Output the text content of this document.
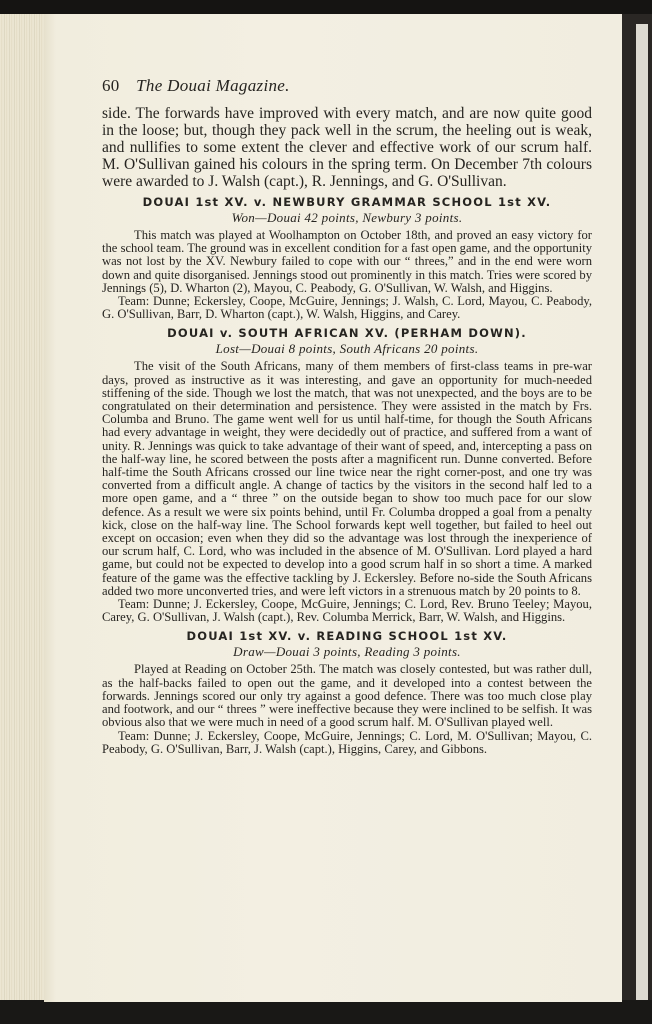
60 The Douai Magazine.

side. The forwards have improved with every match, and are now quite good in the loose; but, though they pack well in the scrum, the heeling out is weak, and nullifies to some extent the clever and effective work of our scrum half. M. O'Sullivan gained his colours in the spring term. On December 7th colours were awarded to J. Walsh (capt.), R. Jennings, and G. O'Sullivan.

DOUAI 1st XV. v. NEWBURY GRAMMAR SCHOOL 1st XV.
Won—Douai 42 points, Newbury 3 points.

This match was played at Woolhampton on October 18th, and proved an easy victory for the school team. The ground was in excellent condition for a fast open game, and the opportunity was not lost by the XV. Newbury failed to cope with our “ threes,” and in the end were worn down and quite disorganised. Jennings stood out prominently in this match. Tries were scored by Jennings (5), D. Wharton (2), Mayou, C. Peabody, G. O'Sullivan, W. Walsh, and Higgins.

Team: Dunne; Eckersley, Coope, McGuire, Jennings; J. Walsh, C. Lord, Mayou, C. Peabody, G. O'Sullivan, Barr, D. Wharton (capt.), W. Walsh, Higgins, and Carey.

DOUAI v. SOUTH AFRICAN XV. (PERHAM DOWN).
Lost—Douai 8 points, South Africans 20 points.

The visit of the South Africans, many of them members of first-class teams in pre-war days, proved as instructive as it was interesting, and gave an opportunity for much-needed stiffening of the side. Though we lost the match, that was not unexpected, and the boys are to be congratulated on their determination and persistence. They were assisted in the match by Frs. Columba and Bruno. The game went well for us until half-time, for though the South Africans had every advantage in weight, they were decidedly out of practice, and suffered from a want of unity. R. Jennings was quick to take advantage of their want of speed, and, intercepting a pass on the half-way line, he scored between the posts after a magnificent run. Dunne converted. Before half-time the South Africans crossed our line twice near the right corner-post, and one try was converted from a difficult angle. A change of tactics by the visitors in the second half led to a more open game, and a “ three ” on the outside began to show too much pace for our slow defence. As a result we were six points behind, until Fr. Columba dropped a goal from a penalty kick, close on the half-way line. The School forwards kept well together, but failed to heel out except on occasion; even when they did so the advantage was lost through the inexperience of our scrum half, C. Lord, who was included in the absence of M. O'Sullivan. Lord played a hard game, but could not be expected to develop into a good scrum half in so short a time. A marked feature of the game was the effective tackling by J. Eckersley. Before no-side the South Africans added two more unconverted tries, and were left victors in a strenuous match by 20 points to 8.

Team: Dunne; J. Eckersley, Coope, McGuire, Jennings; C. Lord, Rev. Bruno Teeley; Mayou, Carey, G. O'Sullivan, J. Walsh (capt.), Rev. Columba Merrick, Barr, W. Walsh, and Higgins.

DOUAI 1st XV. v. READING SCHOOL 1st XV.
Draw—Douai 3 points, Reading 3 points.

Played at Reading on October 25th. The match was closely contested, but was rather dull, as the half-backs failed to open out the game, and it developed into a contest between the forwards. Jennings scored our only try against a good defence. There was too much close play and footwork, and our “ threes ” were ineffective because they were inclined to be selfish. It was obvious also that we were much in need of a good scrum half. M. O'Sullivan played well.

Team: Dunne; J. Eckersley, Coope, McGuire, Jennings; C. Lord, M. O'Sullivan; Mayou, C. Peabody, G. O'Sullivan, Barr, J. Walsh (capt.), Higgins, Carey, and Gibbons.
